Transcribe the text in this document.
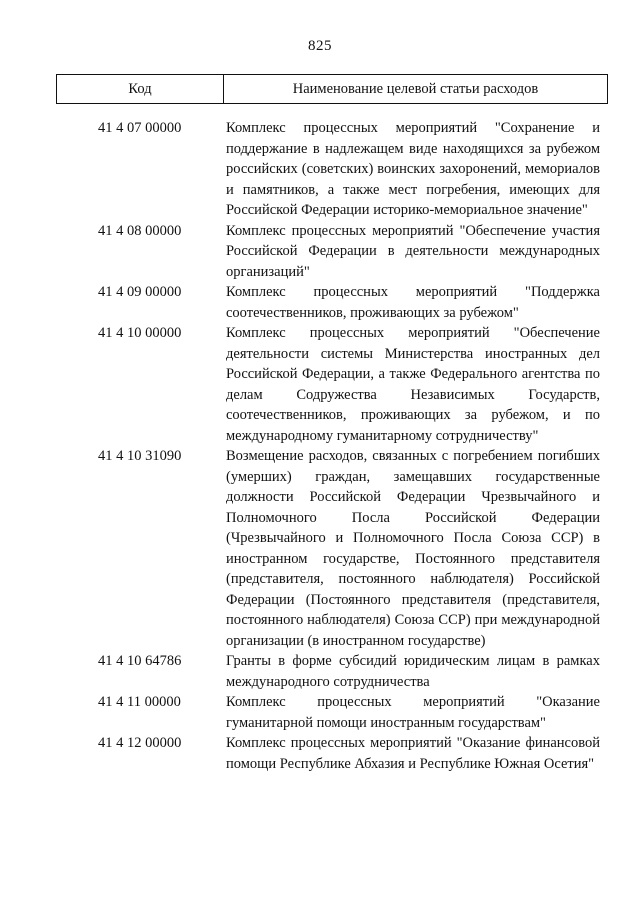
825
Код	Наименование целевой статьи расходов
41 4 07 00000	Комплекс процессных мероприятий "Сохранение и поддержание в надлежащем виде находящихся за рубежом российских (советских) воинских захоронений, мемориалов и памятников, а также мест погребения, имеющих для Российской Федерации историко-мемориальное значение"
41 4 08 00000	Комплекс процессных мероприятий "Обеспечение участия Российской Федерации в деятельности международных организаций"
41 4 09 00000	Комплекс процессных мероприятий "Поддержка соотечественников, проживающих за рубежом"
41 4 10 00000	Комплекс процессных мероприятий "Обеспечение деятельности системы Министерства иностранных дел Российской Федерации, а также Федерального агентства по делам Содружества Независимых Государств, соотечественников, проживающих за рубежом, и по международному гуманитарному сотрудничеству"
41 4 10 31090	Возмещение расходов, связанных с погребением погибших (умерших) граждан, замещавших государственные должности Российской Федерации Чрезвычайного и Полномочного Посла Российской Федерации (Чрезвычайного и Полномочного Посла Союза ССР) в иностранном государстве, Постоянного представителя (представителя, постоянного наблюдателя) Российской Федерации (Постоянного представителя (представителя, постоянного наблюдателя) Союза ССР) при международной организации (в иностранном государстве)
41 4 10 64786	Гранты в форме субсидий юридическим лицам в рамках международного сотрудничества
41 4 11 00000	Комплекс процессных мероприятий "Оказание гуманитарной помощи иностранным государствам"
41 4 12 00000	Комплекс процессных мероприятий "Оказание финансовой помощи Республике Абхазия и Республике Южная Осетия"
